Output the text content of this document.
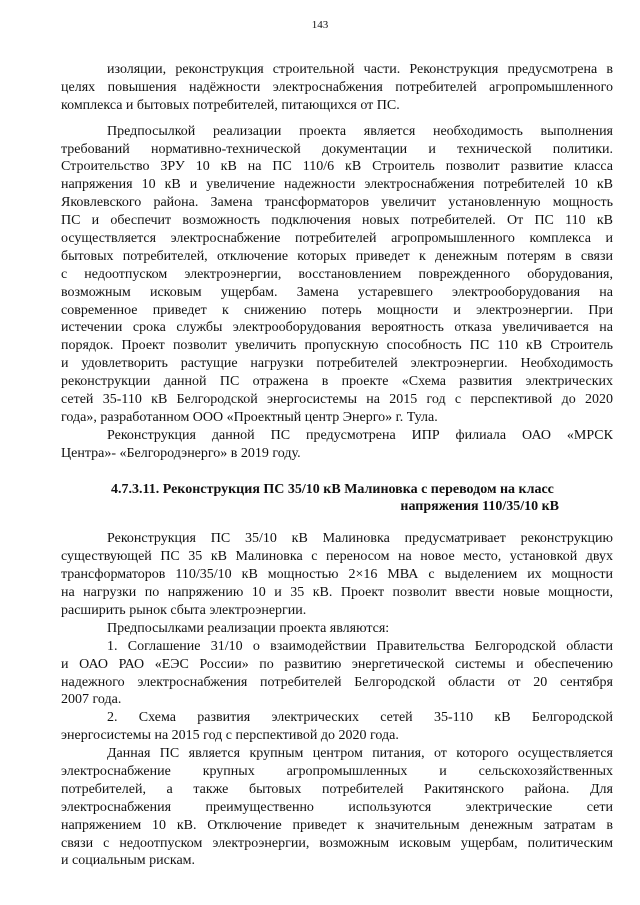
143
изоляции, реконструкция строительной части. Реконструкция предусмотрена в
целях повышения надёжности электроснабжения потребителей агропромышленного
комплекса и бытовых потребителей, питающихся от ПС.
Предпосылкой реализации проекта является необходимость выполнения
требований нормативно-технической документации и технической политики.
Строительство ЗРУ 10 кВ на ПС 110/6 кВ Строитель позволит развитие класса
напряжения 10 кВ и увеличение надежности электроснабжения потребителей 10 кВ
Яковлевского района. Замена трансформаторов увеличит установленную мощность
ПС и обеспечит возможность подключения новых потребителей. От ПС 110 кВ
осуществляется электроснабжение потребителей агропромышленного комплекса и
бытовых потребителей, отключение которых приведет к денежным потерям в связи
с недоотпуском электроэнергии, восстановлением поврежденного оборудования,
возможным исковым ущербам. Замена устаревшего электрооборудования на
современное приведет к снижению потерь мощности и электроэнергии. При
истечении срока службы электрооборудования вероятность отказа увеличивается на
порядок. Проект позволит увеличить пропускную способность ПС 110 кВ Строитель
и удовлетворить растущие нагрузки потребителей электроэнергии. Необходимость
реконструкции данной ПС отражена в проекте «Схема развития электрических
сетей 35-110 кВ Белгородской энергосистемы на 2015 год с перспективой до 2020
года», разработанном ООО «Проектный центр Энерго» г. Тула.
Реконструкция данной ПС предусмотрена ИПР филиала ОАО «МРСК
Центра»- «Белгородэнерго» в 2019 году.
4.7.3.11. Реконструкция ПС 35/10 кВ Малиновка с переводом на класс
напряжения 110/35/10 кВ
Реконструкция ПС 35/10 кВ Малиновка предусматривает реконструкцию
существующей ПС 35 кВ Малиновка с переносом на новое место, установкой двух
трансформаторов 110/35/10 кВ мощностью 2×16 МВА с выделением их мощности
на нагрузки по напряжению 10 и 35 кВ. Проект позволит ввести новые мощности,
расширить рынок сбыта электроэнергии.
Предпосылками реализации проекта являются:
1. Соглашение 31/10 о взаимодействии Правительства Белгородской области
и ОАО РАО «ЕЭС России» по развитию энергетической системы и обеспечению
надежного электроснабжения потребителей Белгородской области от 20 сентября
2007 года.
2. Схема развития электрических сетей 35-110 кВ Белгородской
энергосистемы на 2015 год с перспективой до 2020 года.
Данная ПС является крупным центром питания, от которого осуществляется
электроснабжение крупных агропромышленных и сельскохозяйственных
потребителей, а также бытовых потребителей Ракитянского района. Для
электроснабжения преимущественно используются электрические сети
напряжением 10 кВ. Отключение приведет к значительным денежным затратам в
связи с недоотпуском электроэнергии, возможным исковым ущербам, политическим
и социальным рискам.
